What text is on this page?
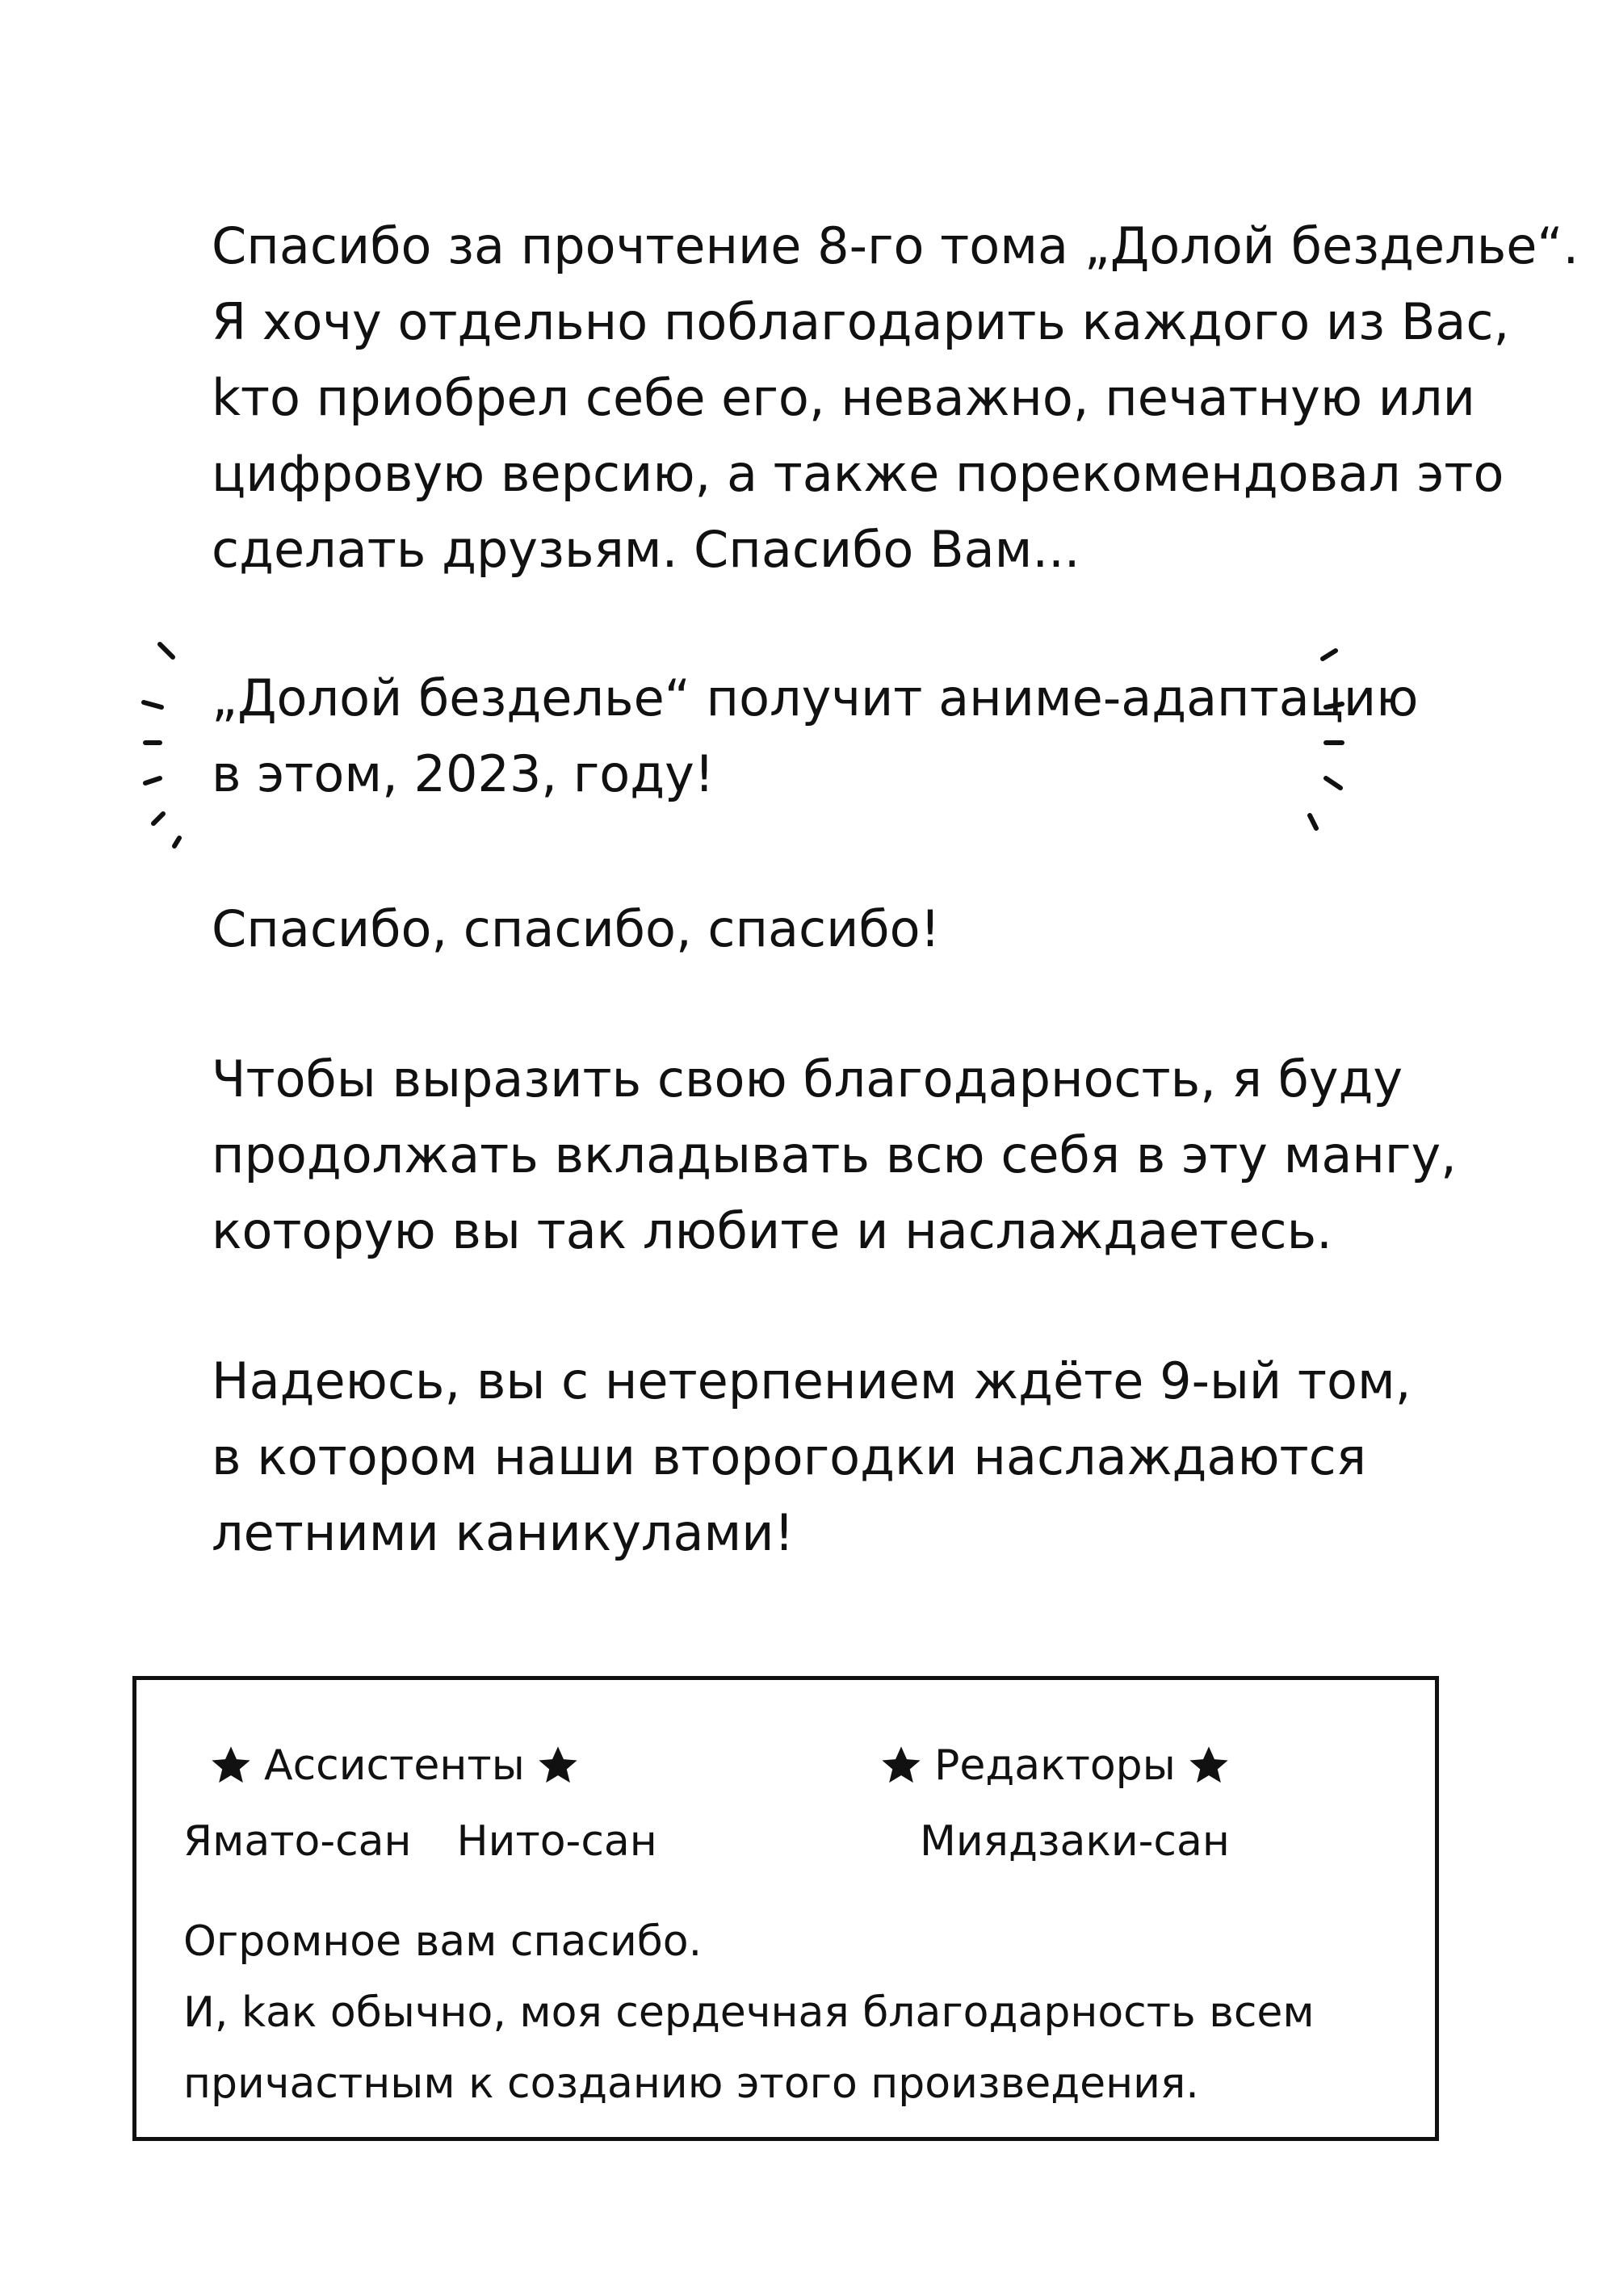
Спасибо за прочтение 8-го тома „Долой безделье“.
Я хочу отдельно поблагодарить каждого из Вас,
kто приобрел себе его, неважно, печатную или
цифровую версию, а также порекомендовал это
сделать друзьям. Спасибо Вам...

„Долой безделье“ получит аниме-адаптацию
в этом, 2023, году!

Спасибо, спасибо, спасибо!

Чтобы выразить свою благодарность, я буду
продолжать вкладывать всю себя в эту мангу,
которую вы так любите и наслаждаетесь.

Надеюсь, вы с нетерпением ждёте 9-ый том,
в котором наши второгодки наслаждаются
летними каникулами!

Ассистенты	Редакторы
Ямато-сан Нито-сан	Миядзаки-сан

Огромное вам спасибо.
И, kак обычно, моя сердечная благодарность всем
причастным к созданию этого произведения.
